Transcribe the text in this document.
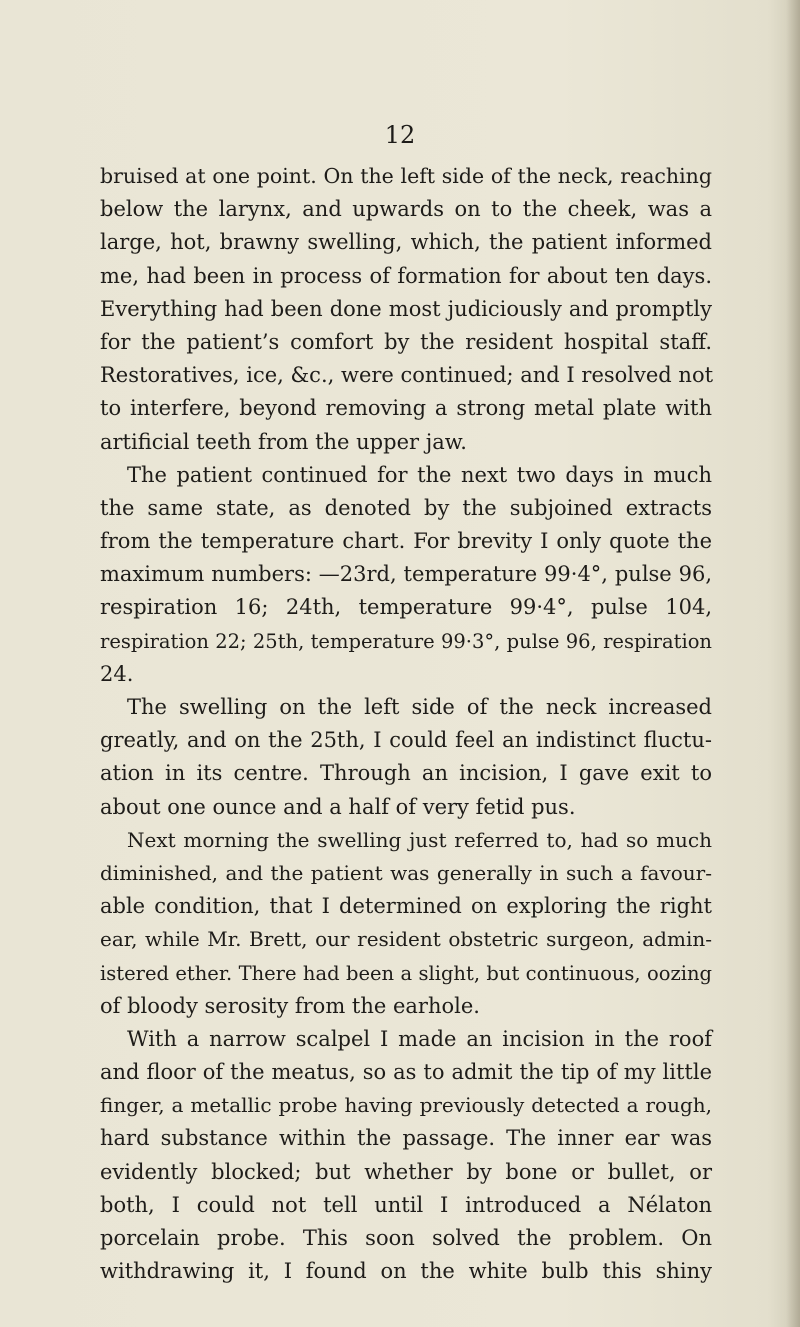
12
bruised at one point. On the left side of the neck, reaching
below the larynx, and upwards on to the cheek, was a
large, hot, brawny swelling, which, the patient informed
me, had been in process of formation for about ten days.
Everything had been done most judiciously and promptly
for the patient’s comfort by the resident hospital staff.
Restoratives, ice, &c., were continued; and I resolved not
to interfere, beyond removing a strong metal plate with
artificial teeth from the upper jaw.
The patient continued for the next two days in much
the same state, as denoted by the subjoined extracts
from the temperature chart. For brevity I only quote the
maximum numbers: —23rd, temperature 99·4°, pulse 96,
respiration 16; 24th, temperature 99·4°, pulse 104,
respiration 22; 25th, temperature 99·3°, pulse 96, respiration
24.
The swelling on the left side of the neck increased
greatly, and on the 25th, I could feel an indistinct fluctu-
ation in its centre. Through an incision, I gave exit to
about one ounce and a half of very fetid pus.
Next morning the swelling just referred to, had so much
diminished, and the patient was generally in such a favour-
able condition, that I determined on exploring the right
ear, while Mr. Brett, our resident obstetric surgeon, admin-
istered ether. There had been a slight, but continuous, oozing
of bloody serosity from the earhole.
With a narrow scalpel I made an incision in the roof
and floor of the meatus, so as to admit the tip of my little
finger, a metallic probe having previously detected a rough,
hard substance within the passage. The inner ear was
evidently blocked; but whether by bone or bullet, or
both, I could not tell until I introduced a Nélaton
porcelain probe. This soon solved the problem. On
withdrawing it, I found on the white bulb this shiny
